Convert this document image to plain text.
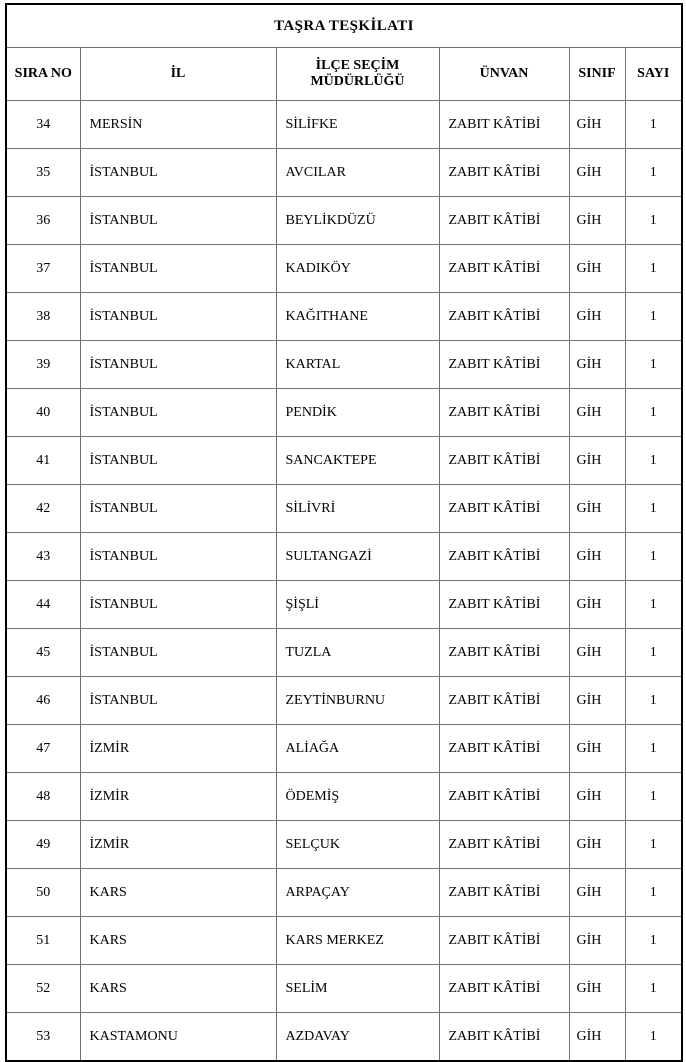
TAŞRA TEŞKİLATI					
SIRA NO	İL	İLÇE SEÇİM MÜDÜRLÜĞÜ	ÜNVAN	SINIF	SAYI
34	MERSİN	SİLİFKE	ZABIT KÂTİBİ	GİH	1
35	İSTANBUL	AVCILAR	ZABIT KÂTİBİ	GİH	1
36	İSTANBUL	BEYLİKDÜZÜ	ZABIT KÂTİBİ	GİH	1
37	İSTANBUL	KADIKÖY	ZABIT KÂTİBİ	GİH	1
38	İSTANBUL	KAĞITHANE	ZABIT KÂTİBİ	GİH	1
39	İSTANBUL	KARTAL	ZABIT KÂTİBİ	GİH	1
40	İSTANBUL	PENDİK	ZABIT KÂTİBİ	GİH	1
41	İSTANBUL	SANCAKTEPE	ZABIT KÂTİBİ	GİH	1
42	İSTANBUL	SİLİVRİ	ZABIT KÂTİBİ	GİH	1
43	İSTANBUL	SULTANGAZİ	ZABIT KÂTİBİ	GİH	1
44	İSTANBUL	ŞİŞLİ	ZABIT KÂTİBİ	GİH	1
45	İSTANBUL	TUZLA	ZABIT KÂTİBİ	GİH	1
46	İSTANBUL	ZEYTİNBURNU	ZABIT KÂTİBİ	GİH	1
47	İZMİR	ALİAĞA	ZABIT KÂTİBİ	GİH	1
48	İZMİR	ÖDEMİŞ	ZABIT KÂTİBİ	GİH	1
49	İZMİR	SELÇUK	ZABIT KÂTİBİ	GİH	1
50	KARS	ARPAÇAY	ZABIT KÂTİBİ	GİH	1
51	KARS	KARS MERKEZ	ZABIT KÂTİBİ	GİH	1
52	KARS	SELİM	ZABIT KÂTİBİ	GİH	1
53	KASTAMONU	AZDAVAY	ZABIT KÂTİBİ	GİH	1
